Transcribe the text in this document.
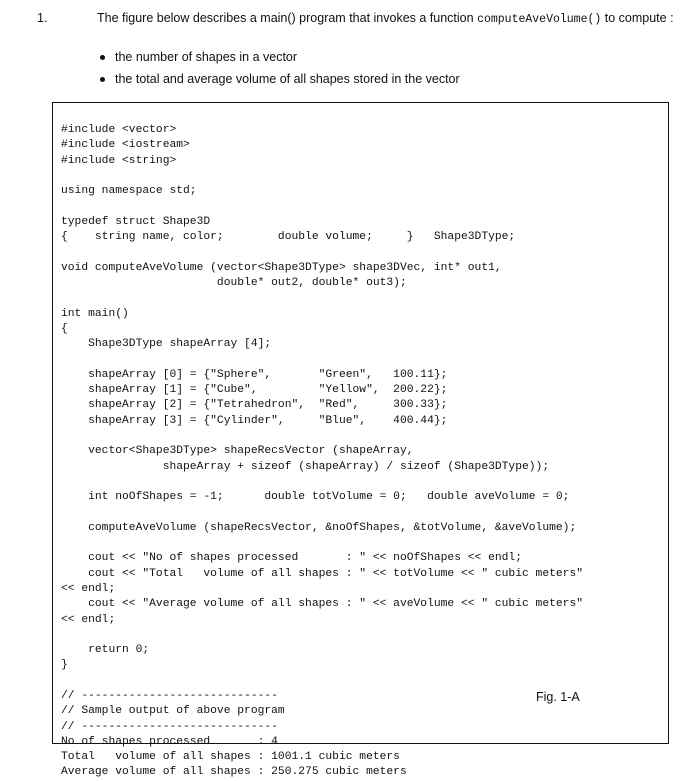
1.	The figure below describes a main() program that invokes a function computeAveVolume() to compute :
the number of shapes in a vector
the total and average volume of all shapes stored in the vector
#include <vector>
#include <iostream>
#include <string>
using namespace std;
typedef struct Shape3D
{    string name, color;        double volume;     }   Shape3DType;
void computeAveVolume (vector<Shape3DType> shape3DVec, int* out1,
double* out2, double* out3);
int main()
{
Shape3DType shapeArray [4];
shapeArray [0] = {"Sphere",       "Green",   100.11};
shapeArray [1] = {"Cube",         "Yellow",  200.22};
shapeArray [2] = {"Tetrahedron",  "Red",     300.33};
shapeArray [3] = {"Cylinder",     "Blue",    400.44};
vector<Shape3DType> shapeRecsVector (shapeArray,
shapeArray + sizeof (shapeArray) / sizeof (Shape3DType));
int noOfShapes = -1;      double totVolume = 0;   double aveVolume = 0;
computeAveVolume (shapeRecsVector, &noOfShapes, &totVolume, &aveVolume);
cout << "No of shapes processed       : " << noOfShapes << endl;
cout << "Total   volume of all shapes : " << totVolume << " cubic meters"
<< endl;
cout << "Average volume of all shapes : " << aveVolume << " cubic meters"
<< endl;
return 0;
}
// -----------------------------
// Sample output of above program
// -----------------------------
No of shapes processed       : 4
Total   volume of all shapes : 1001.1 cubic meters
Average volume of all shapes : 250.275 cubic meters
Fig. 1-A
